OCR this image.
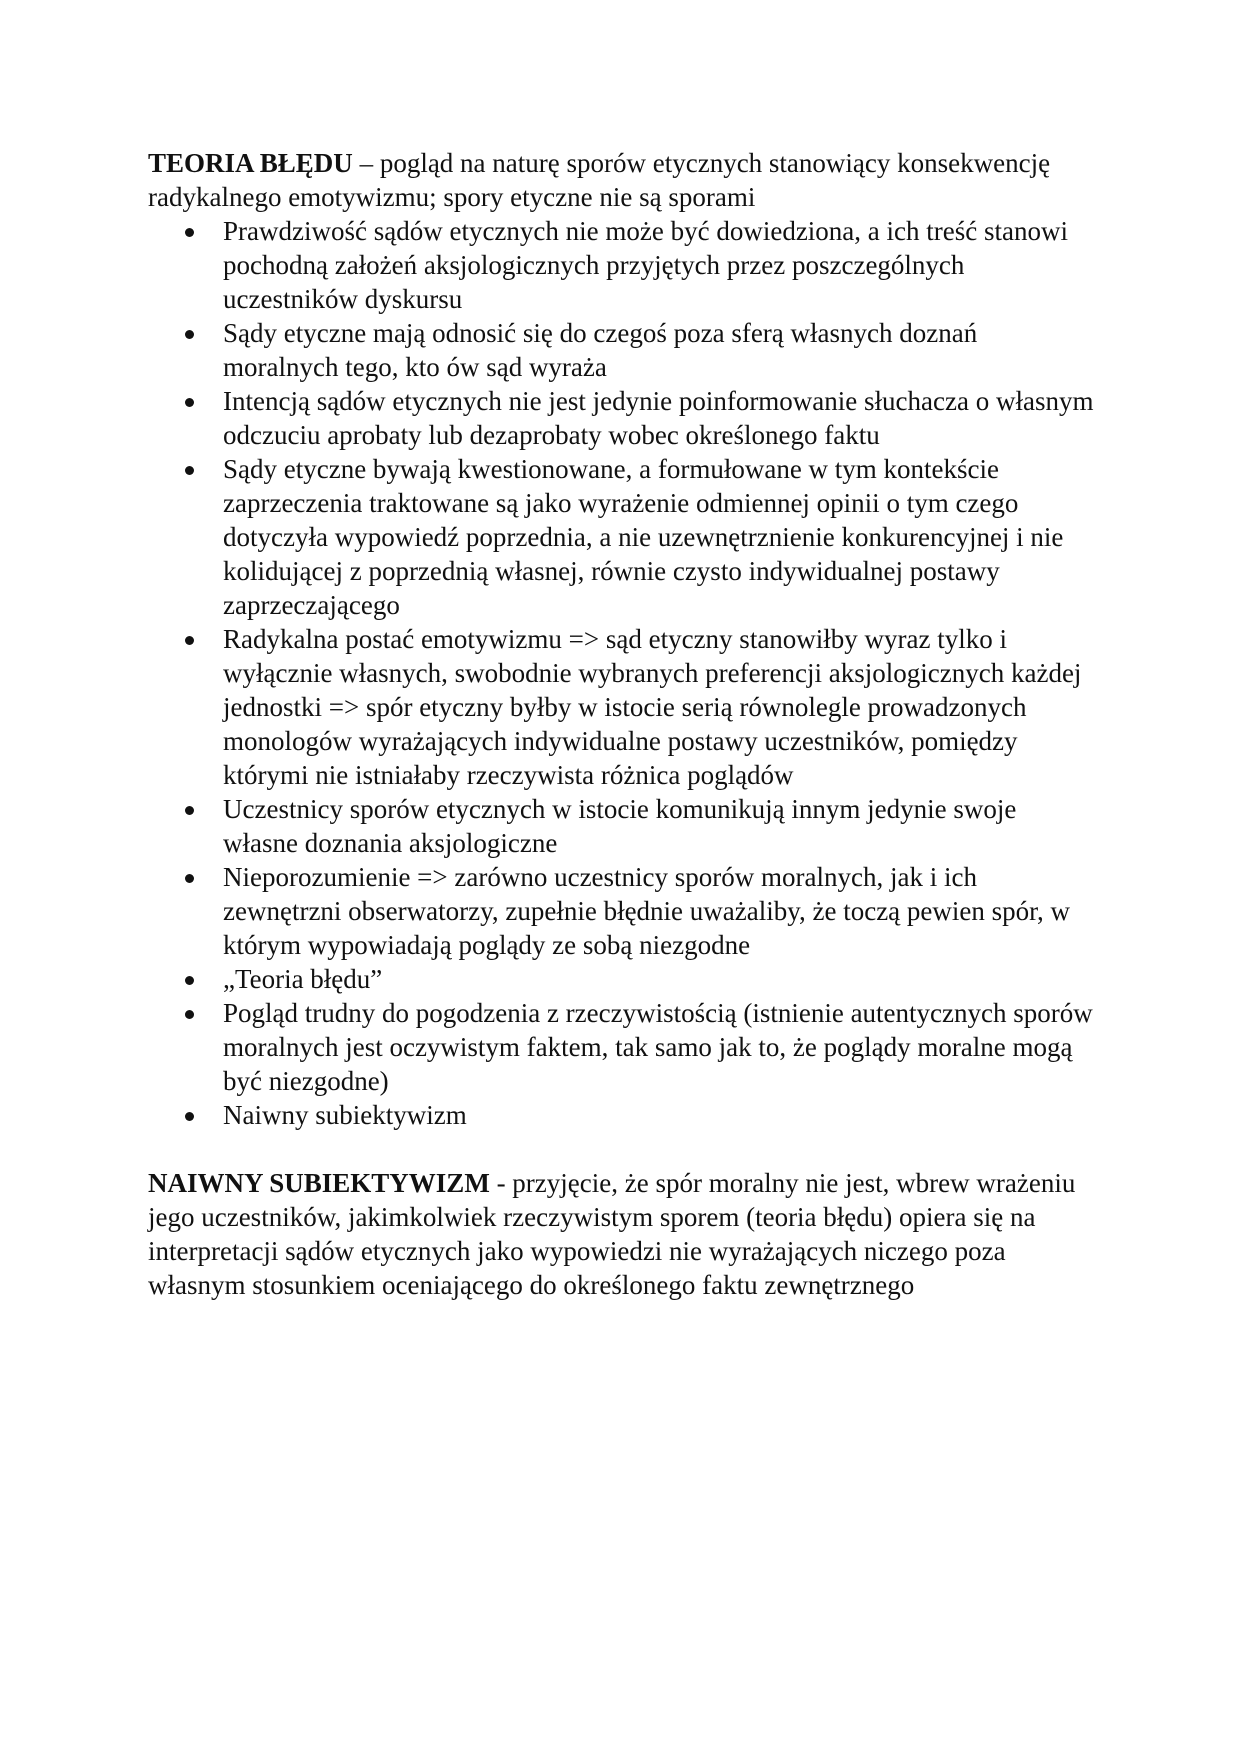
TEORIA BŁĘDU – pogląd na naturę sporów etycznych stanowiący konsekwencję radykalnego emotywizmu; spory etyczne nie są sporami

Prawdziwość sądów etycznych nie może być dowiedziona, a ich treść stanowi pochodną założeń aksjologicznych przyjętych przez poszczególnych uczestników dyskursu
Sądy etyczne mają odnosić się do czegoś poza sferą własnych doznań moralnych tego, kto ów sąd wyraża
Intencją sądów etycznych nie jest jedynie poinformowanie słuchacza o własnym odczuciu aprobaty lub dezaprobaty wobec określonego faktu
Sądy etyczne bywają kwestionowane, a formułowane w tym kontekście zaprzeczenia traktowane są jako wyrażenie odmiennej opinii o tym czego dotyczyła wypowiedź poprzednia, a nie uzewnętrznienie konkurencyjnej i nie kolidującej z poprzednią własnej, równie czysto indywidualnej postawy zaprzeczającego
Radykalna postać emotywizmu => sąd etyczny stanowiłby wyraz tylko i wyłącznie własnych, swobodnie wybranych preferencji aksjologicznych każdej jednostki => spór etyczny byłby w istocie serią równolegle prowadzonych monologów wyrażających indywidualne postawy uczestników, pomiędzy którymi nie istniałaby rzeczywista różnica poglądów
Uczestnicy sporów etycznych w istocie komunikują innym jedynie swoje własne doznania aksjologiczne
Nieporozumienie => zarówno uczestnicy sporów moralnych, jak i ich zewnętrzni obserwatorzy, zupełnie błędnie uważaliby, że toczą pewien spór, w którym wypowiadają poglądy ze sobą niezgodne
„Teoria błędu”
Pogląd trudny do pogodzenia z rzeczywistością (istnienie autentycznych sporów moralnych jest oczywistym faktem, tak samo jak to, że poglądy moralne mogą być niezgodne)
Naiwny subiektywizm

NAIWNY SUBIEKTYWIZM - przyjęcie, że spór moralny nie jest, wbrew wrażeniu jego uczestników, jakimkolwiek rzeczywistym sporem (teoria błędu) opiera się na interpretacji sądów etycznych jako wypowiedzi nie wyrażających niczego poza własnym stosunkiem oceniającego do określonego faktu zewnętrznego
